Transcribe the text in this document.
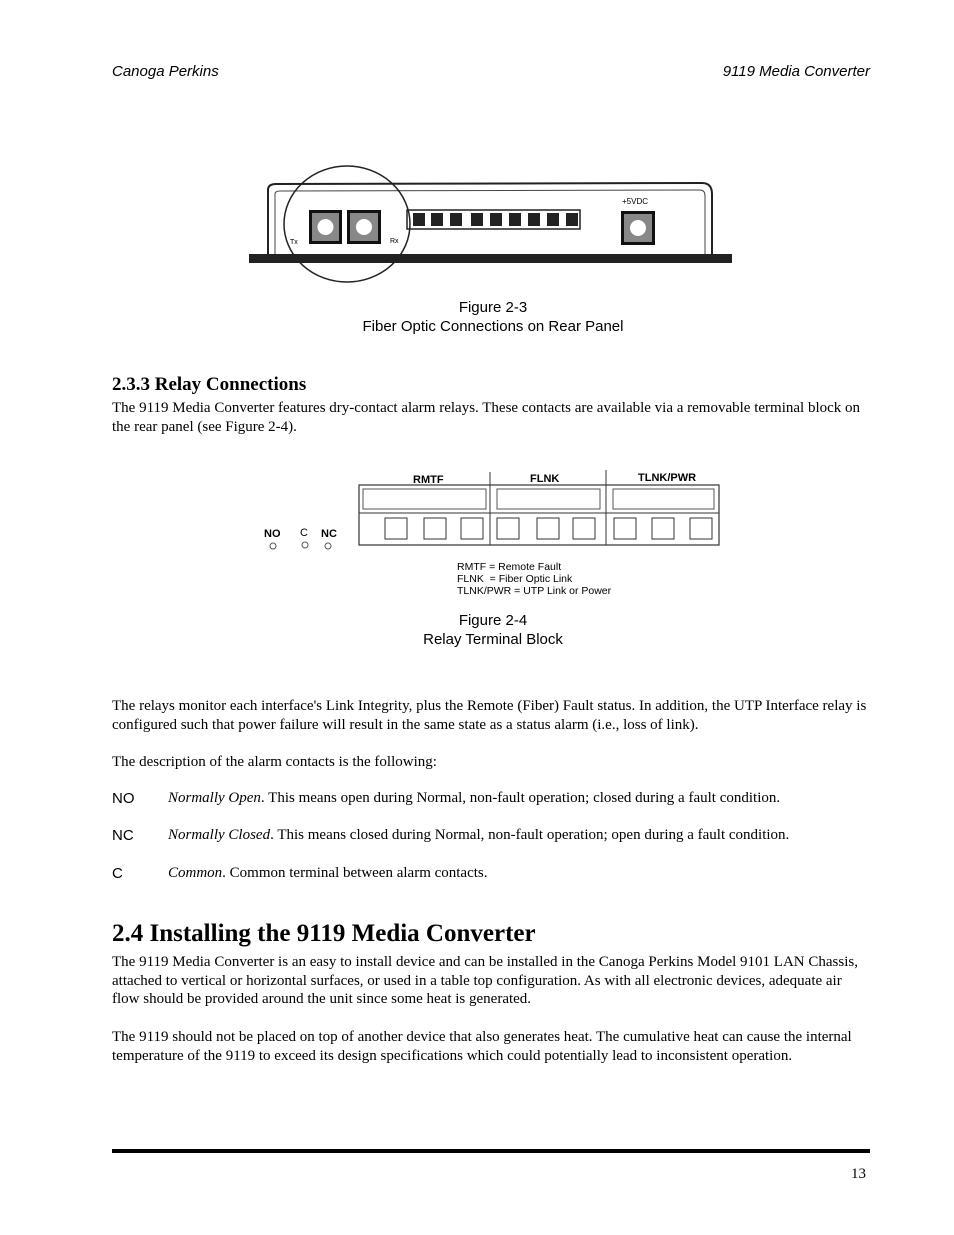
Canoga Perkins	9119 Media Converter
Tx	Rx
+5VDC
Figure 2-3
Fiber Optic Connections on Rear Panel
2.3.3 Relay Connections
The 9119 Media Converter features dry-contact alarm relays. These contacts are available via a removable terminal block on the rear panel (see Figure 2-4).
RMTF	FLNK	TLNK/PWR
NO C NC
RMTF = Remote Fault
FLNK  = Fiber Optic Link
TLNK/PWR = UTP Link or Power
Figure 2-4
Relay Terminal Block
The relays monitor each interface's Link Integrity, plus the Remote (Fiber) Fault status. In addition, the UTP Interface relay is configured such that power failure will result in the same state as a status alarm (i.e., loss of link).
The description of the alarm contacts is the following:
NO Normally Open. This means open during Normal, non-fault operation; closed during a fault condition.
NC Normally Closed. This means closed during Normal, non-fault operation; open during a fault condition.
C	Common. Common terminal between alarm contacts.
2.4 Installing the 9119 Media Converter
The 9119 Media Converter is an easy to install device and can be installed in the Canoga Perkins Model 9101 LAN Chassis, attached to vertical or horizontal surfaces, or used in a table top configuration. As with all electronic devices, adequate air flow should be provided around the unit since some heat is generated.
The 9119 should not be placed on top of another device that also generates heat. The cumulative heat can cause the internal temperature of the 9119 to exceed its design specifications which could potentially lead to inconsistent operation.
13
